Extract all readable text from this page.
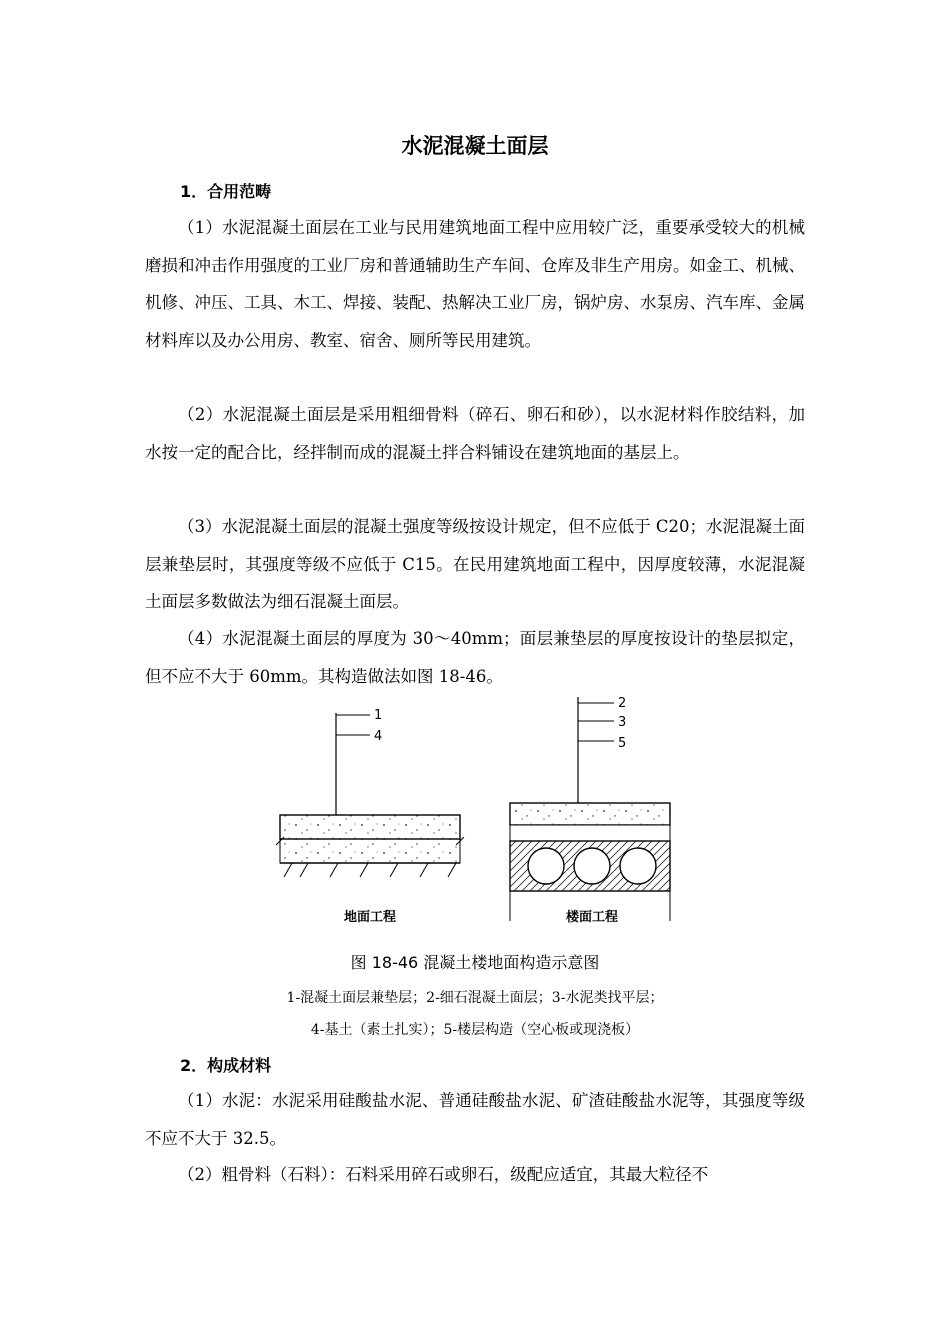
水泥混凝土面层
1．合用范畴

（1）水泥混凝土面层在工业与民用建筑地面工程中应用较广泛，重要承受较大的机械磨损和冲击作用强度的工业厂房和普通辅助生产车间、仓库及非生产用房。如金工、机械、机修、冲压、工具、木工、焊接、装配、热解决工业厂房，锅炉房、水泵房、汽车库、金属材料库以及办公用房、教室、宿舍、厕所等民用建筑。

（2）水泥混凝土面层是采用粗细骨料（碎石、卵石和砂），以水泥材料作胶结料，加水按一定的配合比，经拌制而成的混凝土拌合料铺设在建筑地面的基层上。

（3）水泥混凝土面层的混凝土强度等级按设计规定，但不应低于 C20；水泥混凝土面层兼垫层时，其强度等级不应低于 C15。在民用建筑地面工程中，因厚度较薄，水泥混凝土面层多数做法为细石混凝土面层。

（4）水泥混凝土面层的厚度为 30～40mm；面层兼垫层的厚度按设计的垫层拟定，但不应不大于 60mm。其构造做法如图 18-46。

1
4
地面工程
2
3
5
楼面工程
图 18-46 混凝土楼地面构造示意图
1-混凝土面层兼垫层；2-细石混凝土面层；3-水泥类找平层；
4-基土（素土扎实）；5-楼层构造（空心板或现浇板）
2．构成材料

（1）水泥：水泥采用硅酸盐水泥、普通硅酸盐水泥、矿渣硅酸盐水泥等，其强度等级不应不大于 32.5。

（2）粗骨料（石料）：石料采用碎石或卵石，级配应适宜，其最大粒径不
